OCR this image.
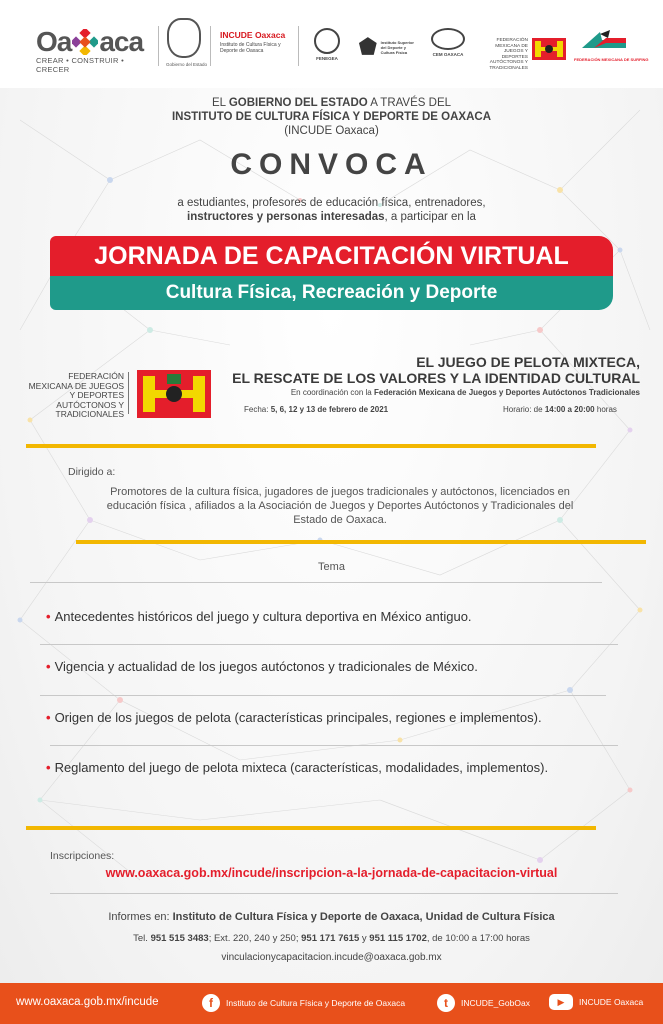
Oa aca
CREAR • CONSTRUIR • CRECER
Gobierno del Estado
INCUDE Oaxaca
Instituto de Cultura Física y Deporte de Oaxaca
FENEGEA
Instituto Superior del Deporte y Cultura Física	CEM OAXACA
FEDERACIÓN MEXICANA DE JUEGOS Y DEPORTES AUTÓCTONOS Y TRADICIONALES
FEDERACIÓN MEXICANA DE SURFING
EL GOBIERNO DEL ESTADO A TRAVÉS DEL
INSTITUTO DE CULTURA FÍSICA Y DEPORTE DE OAXACA
(INCUDE Oaxaca)
CONVOCA
a estudiantes, profesores de educación física, entrenadores,
instructores y personas interesadas, a participar en la
JORNADA DE CAPACITACIÓN VIRTUAL
Cultura Física, Recreación y Deporte
FEDERACIÓN MEXICANA DE JUEGOS Y DEPORTES AUTÓCTONOS Y TRADICIONALES
EL JUEGO DE PELOTA MIXTECA,
EL RESCATE DE LOS VALORES Y LA IDENTIDAD CULTURAL
En coordinación con la Federación Mexicana de Juegos y Deportes Autóctonos Tradicionales
Fecha: 5, 6, 12 y 13 de febrero de 2021	Horario: de 14:00 a 20:00 horas
Dirigido a:
Promotores de la cultura física, jugadores de juegos tradicionales y autóctonos, licenciados en educación física , afiliados a la Asociación de Juegos y Deportes Autóctonos y Tradicionales del Estado de Oaxaca.
Tema
• Antecedentes históricos del juego y cultura deportiva en México antiguo.
• Vigencia y actualidad de los juegos autóctonos y tradicionales de México.
• Origen de los juegos de pelota (características principales, regiones e implementos).
• Reglamento del juego de pelota mixteca (características, modalidades, implementos).
Inscripciones:
www.oaxaca.gob.mx/incude/inscripcion-a-la-jornada-de-capacitacion-virtual
Informes en: Instituto de Cultura Física y Deporte de Oaxaca, Unidad de Cultura Física
Tel. 951 515 3483; Ext. 220, 240 y 250; 951 171 7615 y 951 115 1702, de 10:00 a 17:00 horas
vinculacionycapacitacion.incude@oaxaca.gob.mx
www.oaxaca.gob.mx/incude	f	Instituto de Cultura Física y Deporte de Oaxaca	t	INCUDE_GobOax	▶	INCUDE Oaxaca
